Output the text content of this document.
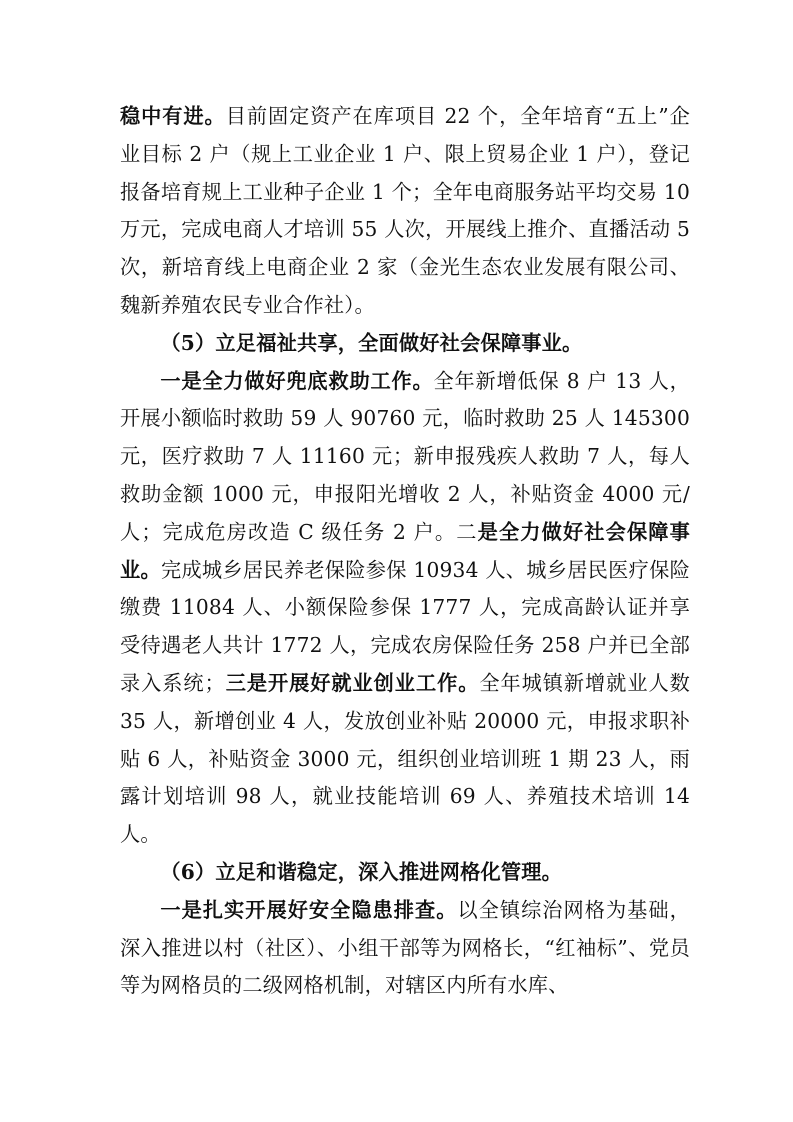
稳中有进。目前固定资产在库项目 22 个，全年培育“五上”企业目标 2 户（规上工业企业 1 户、限上贸易企业 1 户），登记报备培育规上工业种子企业 1 个；全年电商服务站平均交易 10 万元，完成电商人才培训 55 人次，开展线上推介、直播活动 5 次，新培育线上电商企业 2 家（金光生态农业发展有限公司、魏新养殖农民专业合作社）。

（5）立足福祉共享，全面做好社会保障事业。

一是全力做好兜底救助工作。全年新增低保 8 户 13 人，开展小额临时救助 59 人 90760 元，临时救助 25 人 145300 元，医疗救助 7 人 11160 元；新申报残疾人救助 7 人，每人救助金额 1000 元，申报阳光增收 2 人，补贴资金 4000 元/人；完成危房改造 C 级任务 2 户。二是全力做好社会保障事业。完成城乡居民养老保险参保 10934 人、城乡居民医疗保险缴费 11084 人、小额保险参保 1777 人，完成高龄认证并享受待遇老人共计 1772 人，完成农房保险任务 258 户并已全部录入系统；三是开展好就业创业工作。全年城镇新增就业人数 35 人，新增创业 4 人，发放创业补贴 20000 元，申报求职补贴 6 人，补贴资金 3000 元，组织创业培训班 1 期 23 人，雨露计划培训 98 人，就业技能培训 69 人、养殖技术培训 14 人。

（6）立足和谐稳定，深入推进网格化管理。

一是扎实开展好安全隐患排查。以全镇综治网格为基础，深入推进以村（社区）、小组干部等为网格长，“红袖标”、党员等为网格员的二级网格机制，对辖区内所有水库、
